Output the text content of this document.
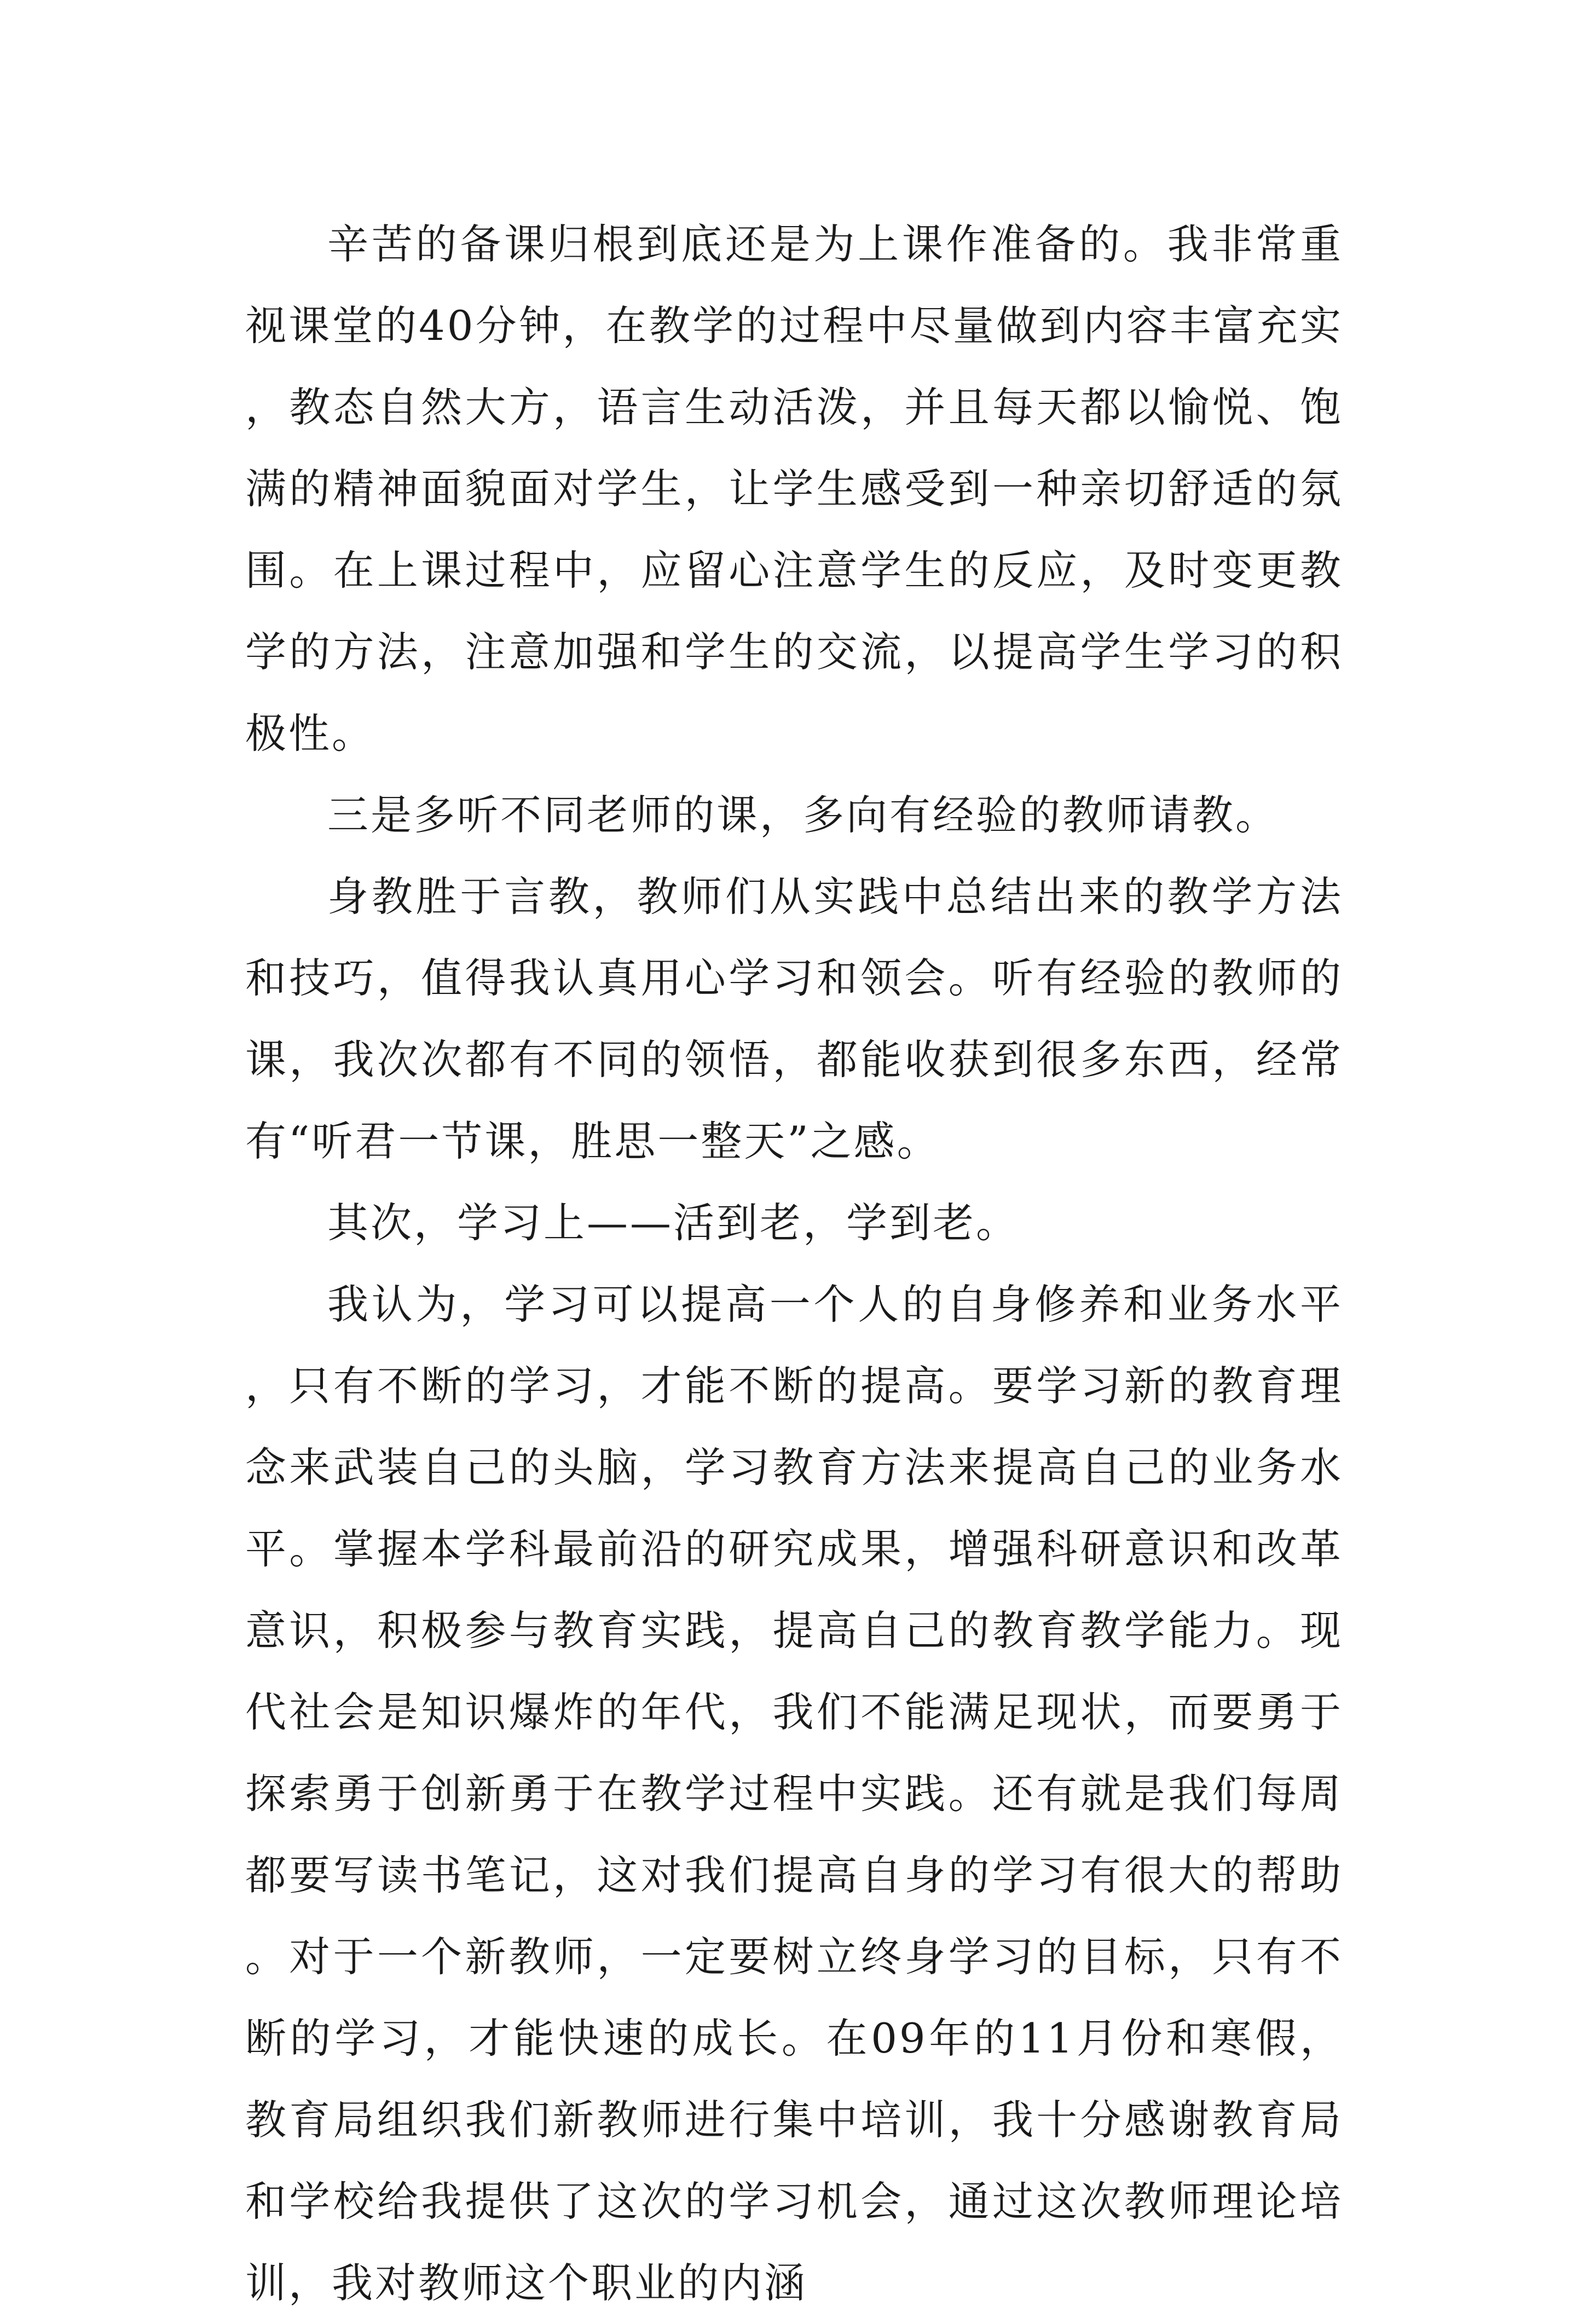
辛苦的备课归根到底还是为上课作准备的。我非常重视课堂的40分钟，在教学的过程中尽量做到内容丰富充实，教态自然大方，语言生动活泼，并且每天都以愉悦、饱满的精神面貌面对学生，让学生感受到一种亲切舒适的氛围。在上课过程中，应留心注意学生的反应，及时变更教学的方法，注意加强和学生的交流，以提高学生学习的积极性。

三是多听不同老师的课，多向有经验的教师请教。

身教胜于言教，教师们从实践中总结出来的教学方法和技巧，值得我认真用心学习和领会。听有经验的教师的课，我次次都有不同的领悟，都能收获到很多东西，经常有“听君一节课，胜思一整天”之感。

其次，学习上——活到老，学到老。

我认为，学习可以提高一个人的自身修养和业务水平，只有不断的学习，才能不断的提高。要学习新的教育理念来武装自己的头脑，学习教育方法来提高自己的业务水平。掌握本学科最前沿的研究成果，增强科研意识和改革意识，积极参与教育实践，提高自己的教育教学能力。现代社会是知识爆炸的年代，我们不能满足现状，而要勇于探索勇于创新勇于在教学过程中实践。还有就是我们每周都要写读书笔记，这对我们提高自身的学习有很大的帮助。对于一个新教师，一定要树立终身学习的目标，只有不断的学习，才能快速的成长。在09年的11月份和寒假，教育局组织我们新教师进行集中培训，我十分感谢教育局和学校给我提供了这次的学习机会，通过这次教师理论培训，我对教师这个职业的内涵
